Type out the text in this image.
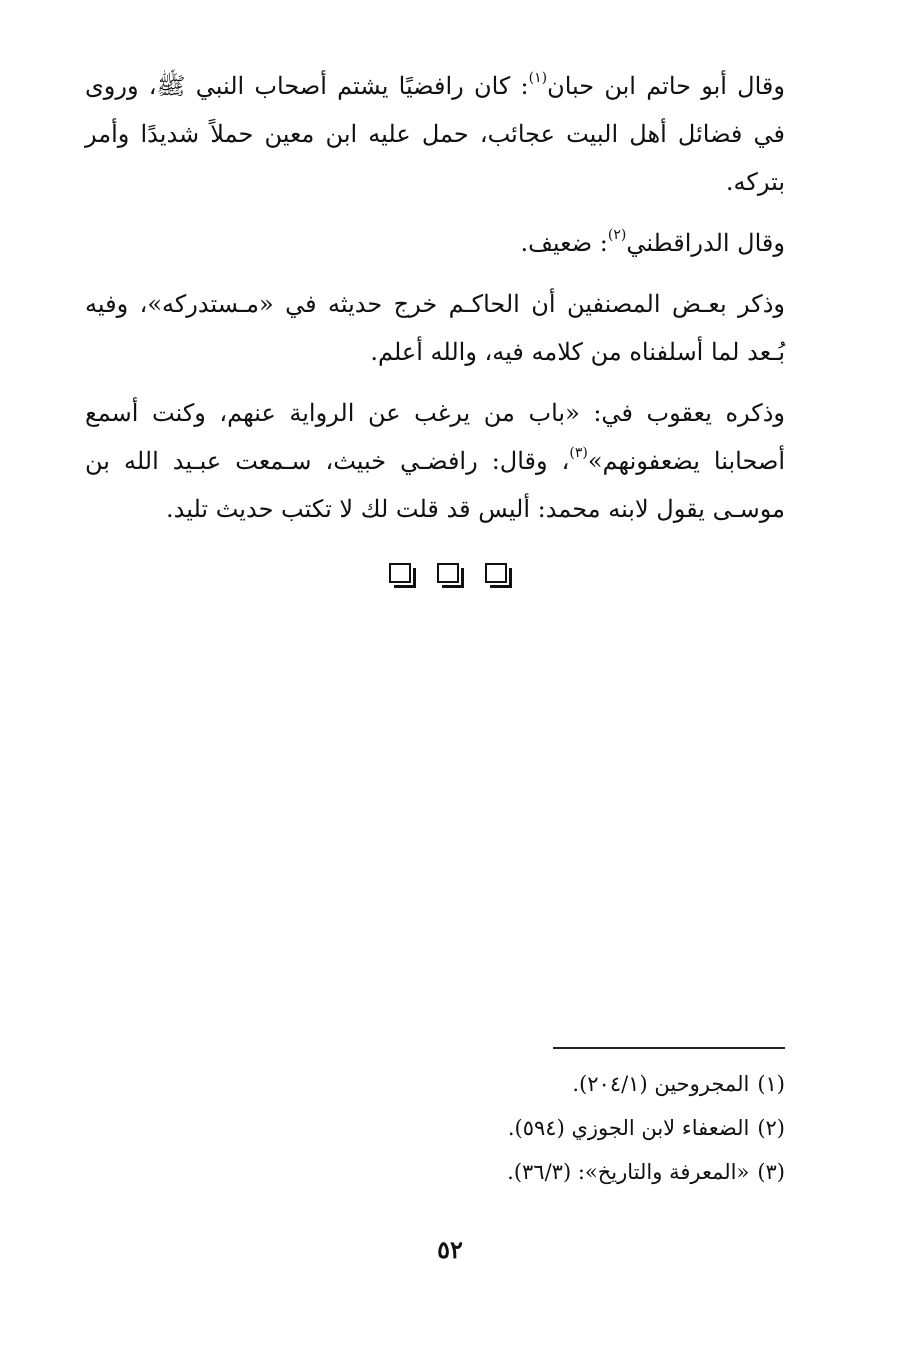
وقال أبو حاتم ابن حبان$^{(١)}$: كان رافضيًا يشتم أصحاب النبي ﷺ، وروى في فضائل أهل البيت عجائب، حمل عليه ابن معين حملاً شديدًا وأمر بتركه.

وقال الدراقطني$^{(٢)}$: ضعيف.

وذكر بعـض المصنفين أن الحاكـم خرج حديثه في «مـستدركه»، وفيه بُـعد لما أسلفناه من كلامه فيه، والله أعلم.

وذكره يعقوب في: «باب من يرغب عن الرواية عنهم، وكنت أسمع أصحابنا يضعفونهم»$^{(٣)}$، وقال: رافضـي خبيث، سـمعت عبـيد الله بن موسـى يقول لابنه محمد: أليس قد قلت لك لا تكتب حديث تليد.

(١)المجروحين (٢٠٤/١).

(٢)الضعفاء لابن الجوزي (٥٩٤).

(٣)«المعرفة والتاريخ»: (٣٦/٣).

٥٢
